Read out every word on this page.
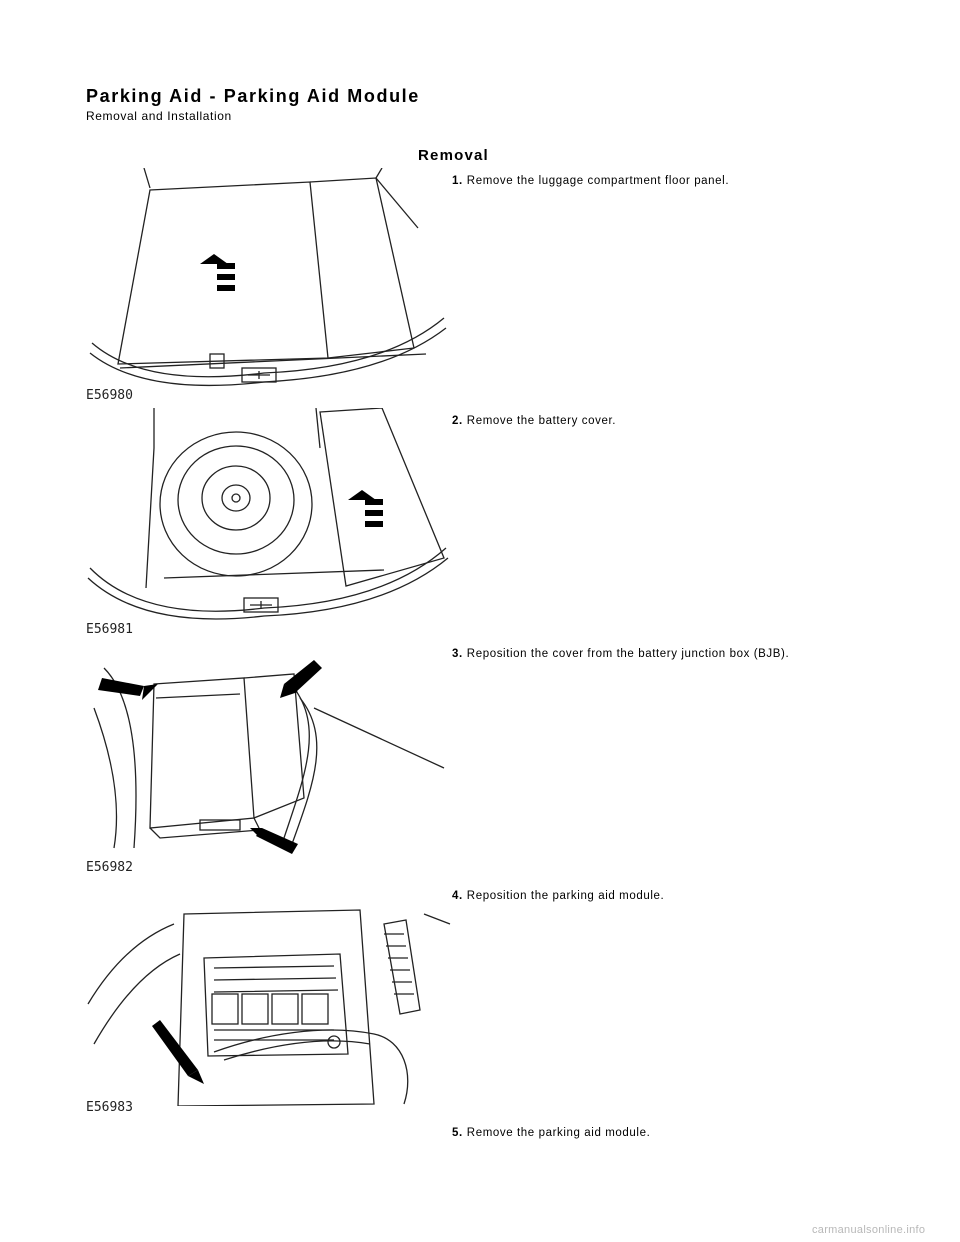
Parking Aid - Parking Aid Module
Removal and Installation
Removal
E56980
E56981
E56982
E56983
1. Remove the luggage compartment floor panel.
2. Remove the battery cover.
3. Reposition the cover from the battery junction box (BJB).
4. Reposition the parking aid module.
5. Remove the parking aid module.
carmanualsonline.info
